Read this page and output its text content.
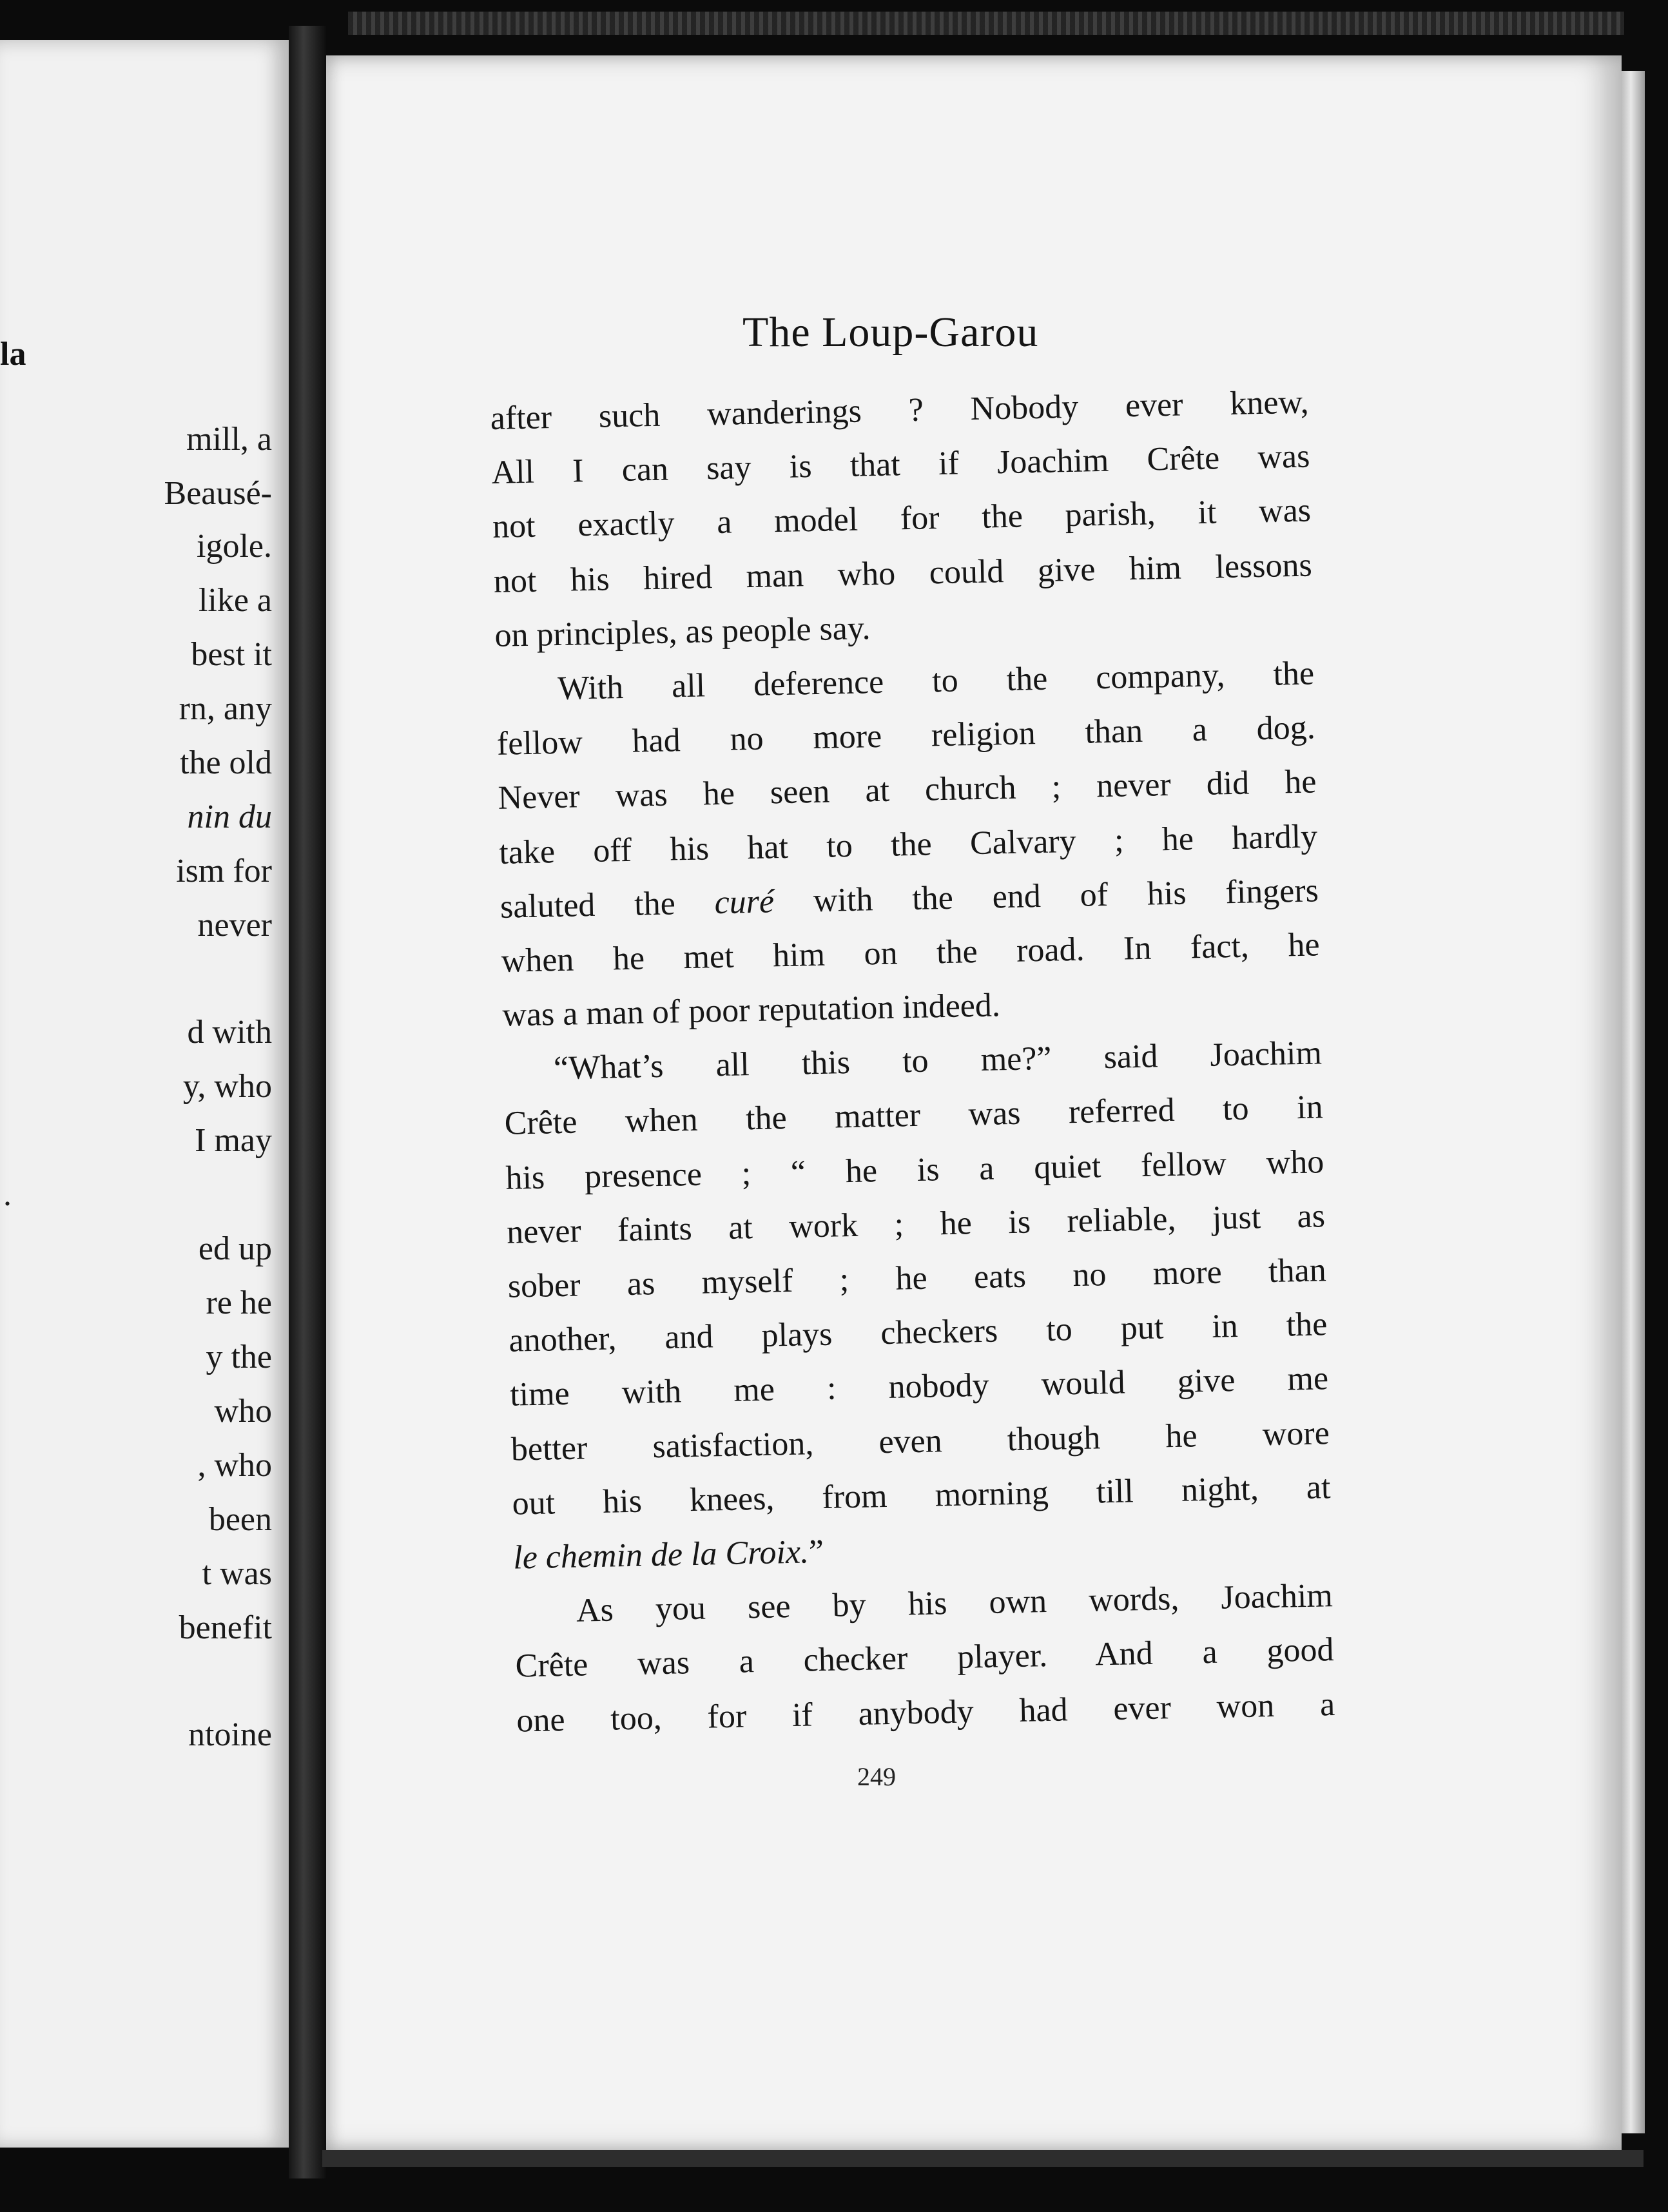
la
mill, a
Beausé-
igole.
like a
best it
rn, any
the old
nin du
ism for
never
d with
y, who
I may
.
ed up
re he
y the
who
, who
been
t was
benefit
ntoine
The Loup-Garou
after such wanderings ? Nobody ever knew,
All I can say is that if Joachim Crête was
not exactly a model for the parish, it was
not his hired man who could give him lessons
on principles, as people say.
With all deference to the company, the
fellow had no more religion than a dog.
Never was he seen at church ; never did he
take off his hat to the Calvary ; he hardly
saluted the curé with the end of his fingers
when he met him on the road. In fact, he
was a man of poor reputation indeed.
“What’s all this to me?” said Joachim
Crête when the matter was referred to in
his presence ; “ he is a quiet fellow who
never faints at work ; he is reliable, just as
sober as myself ; he eats no more than
another, and plays checkers to put in the
time with me : nobody would give me
better satisfaction, even though he wore
out his knees, from morning till night, at
le chemin de la Croix.”
As you see by his own words, Joachim
Crête was a checker player. And a good
one too, for if anybody had ever won a
249
